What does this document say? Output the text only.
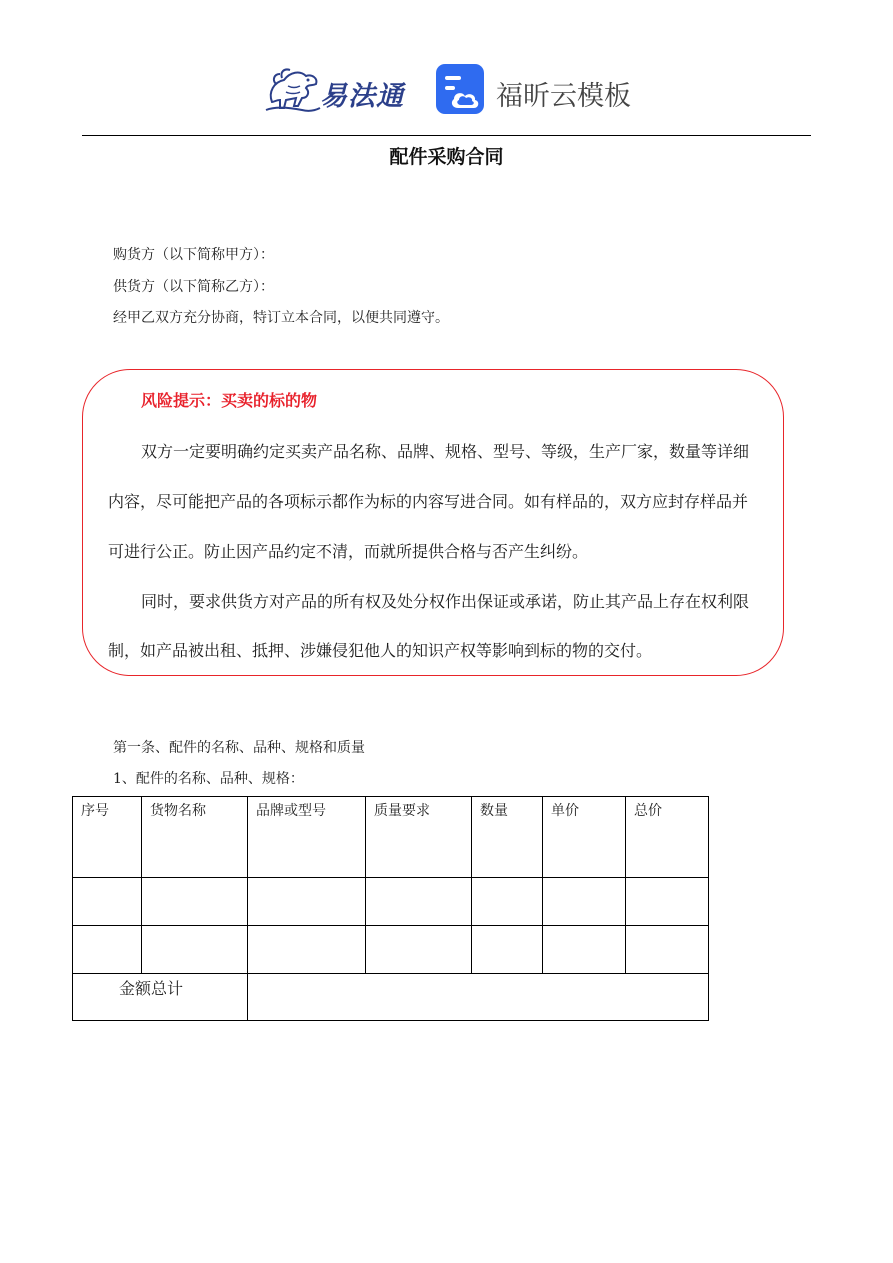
易法通	福昕云模板
配件采购合同
购货方（以下简称甲方）：
供货方（以下简称乙方）：
经甲乙双方充分协商，特订立本合同，以便共同遵守。
风险提示：买卖的标的物
双方一定要明确约定买卖产品名称、品牌、规格、型号、等级，生产厂家，数量等详细
内容，尽可能把产品的各项标示都作为标的内容写进合同。如有样品的，双方应封存样品并
可进行公正。防止因产品约定不清，而就所提供合格与否产生纠纷。
同时，要求供货方对产品的所有权及处分权作出保证或承诺，防止其产品上存在权利限
制，如产品被出租、抵押、涉嫌侵犯他人的知识产权等影响到标的物的交付。
第一条、配件的名称、品种、规格和质量
1、配件的名称、品种、规格：
序号	货物名称	品牌或型号	质量要求	数量	单价	总价

金额总计						
